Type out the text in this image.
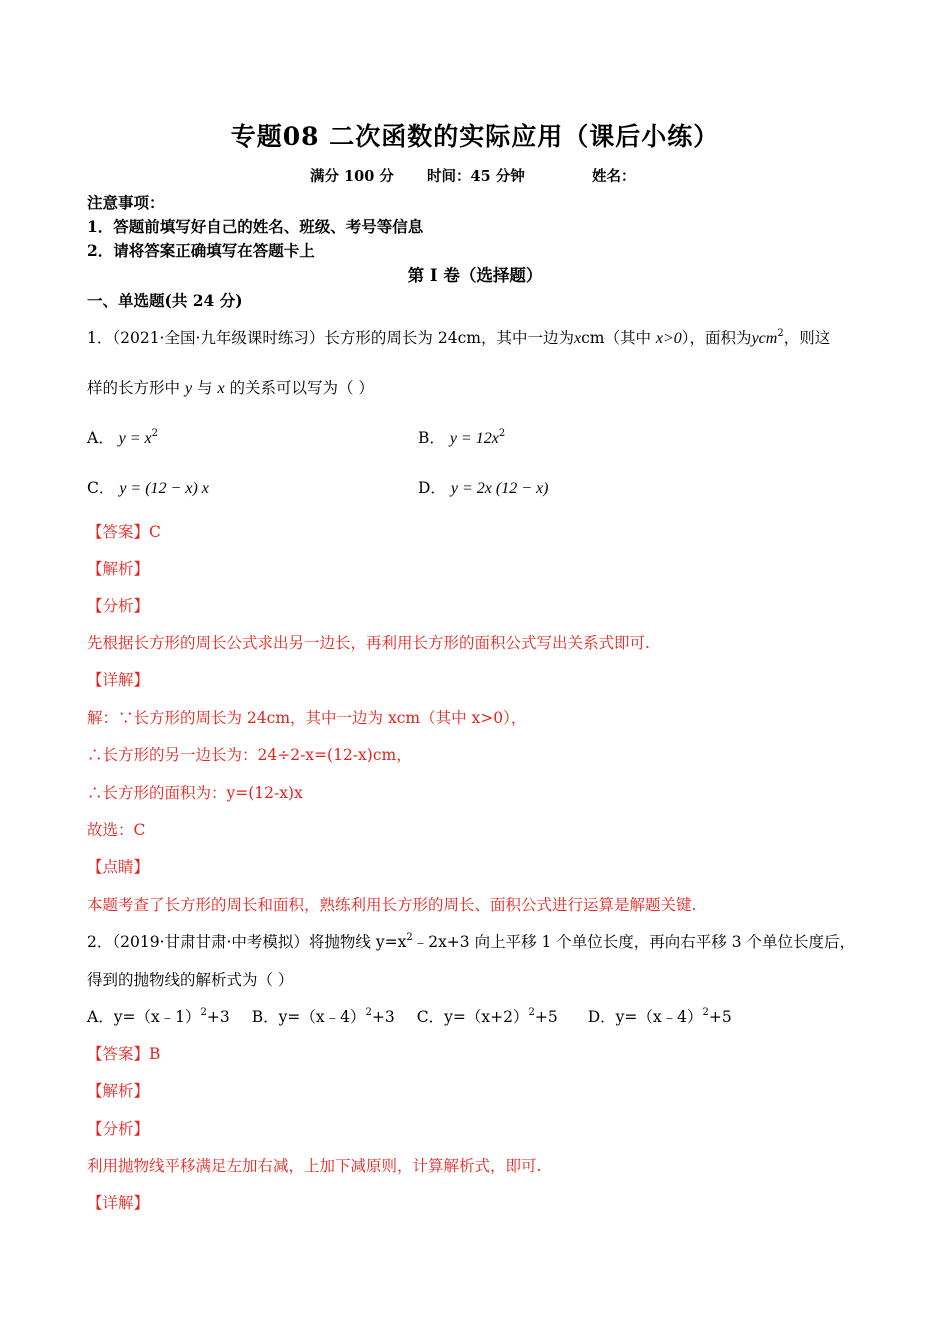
专题08 二次函数的实际应用（课后小练）
满分 100 分 时间：45 分钟	姓名：
注意事项：
1．答题前填写好自己的姓名、班级、考号等信息
2．请将答案正确填写在答题卡上
第 I 卷（选择题）
一、单选题(共 24 分)
1．（2021·全国·九年级课时练习）长方形的周长为 24cm，其中一边为xcm（其中 x>0），面积为ycm$^2$，则这
样的长方形中 y 与 x 的关系可以写为（ ）
A． $y = x^2$	B． $y = 12x^2$
C． y = (12 − x) x	D． y = 2x (12 − x)
【答案】C
【解析】
【分析】
先根据长方形的周长公式求出另一边长，再利用长方形的面积公式写出关系式即可.
【详解】
解：∵长方形的周长为 24cm，其中一边为 xcm（其中 x>0），
∴长方形的另一边长为：24÷2-x=(12-x)cm，
∴长方形的面积为：y=(12-x)x
故选：C
【点睛】
本题考查了长方形的周长和面积，熟练利用长方形的周长、面积公式进行运算是解题关键.
2．（2019·甘肃甘肃·中考模拟）将抛物线 $y=x^2﹣2x+3$ 向上平移 1 个单位长度，再向右平移 3 个单位长度后，
得到的抛物线的解析式为（ ）
A．y=（x﹣1）$^2$+3 B．y=（x﹣4）$^2$+3 C．$y=(x+2)^2+5$ D．y=（x﹣4）$^2$+5
【答案】B
【解析】
【分析】
利用抛物线平移满足左加右减，上加下减原则，计算解析式，即可.
【详解】
